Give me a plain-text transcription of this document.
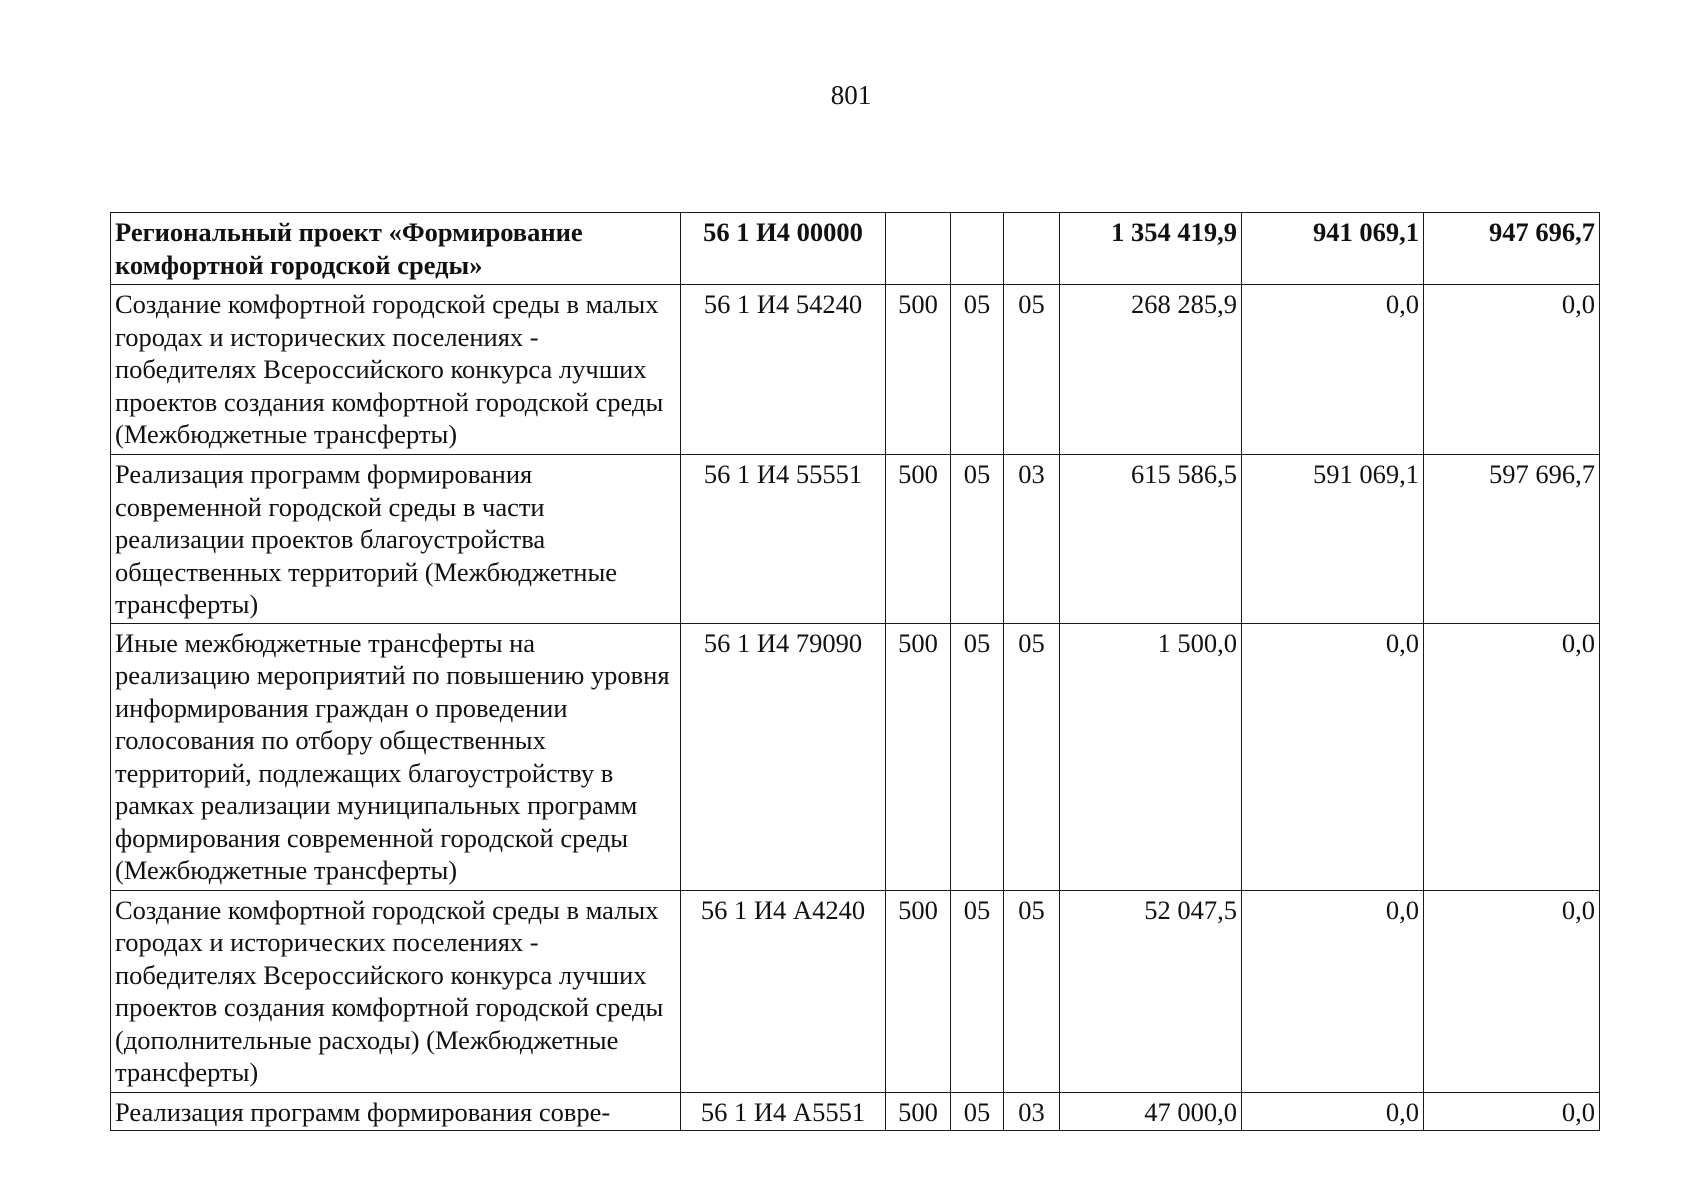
801
Региональный проект «Формирование комфортной городской среды»	56 1 И4 00000				1 354 419,9	941 069,1	947 696,7

Создание комфортной городской среды в малых городах и исторических поселениях - победителях Всероссийского конкурса лучших проектов создания комфортной городской среды (Межбюджетные трансферты)	56 1 И4 54240	500	05	05	268 285,9	0,0	0,0

Реализация программ формирования современной городской среды в части реализации проектов благоустройства общественных территорий (Межбюджетные трансферты)	56 1 И4 55551	500	05	03	615 586,5	591 069,1	597 696,7

Иные межбюджетные трансферты на реализацию мероприятий по повышению уровня информирования граждан о проведении голосования по отбору общественных территорий, подлежащих благоустройству в рамках реализации муниципальных программ формирования современной городской среды (Межбюджетные трансферты)	56 1 И4 79090	500	05	05	1 500,0	0,0	0,0

Создание комфортной городской среды в малых городах и исторических поселениях - победителях Всероссийского конкурса лучших проектов создания комфортной городской среды (дополнительные расходы) (Межбюджетные трансферты)	56 1 И4 А4240	500	05	05	52 047,5	0,0	0,0

Реализация программ формирования совре-	56 1 И4 А5551	500	05	03	47 000,0	0,0	0,0
